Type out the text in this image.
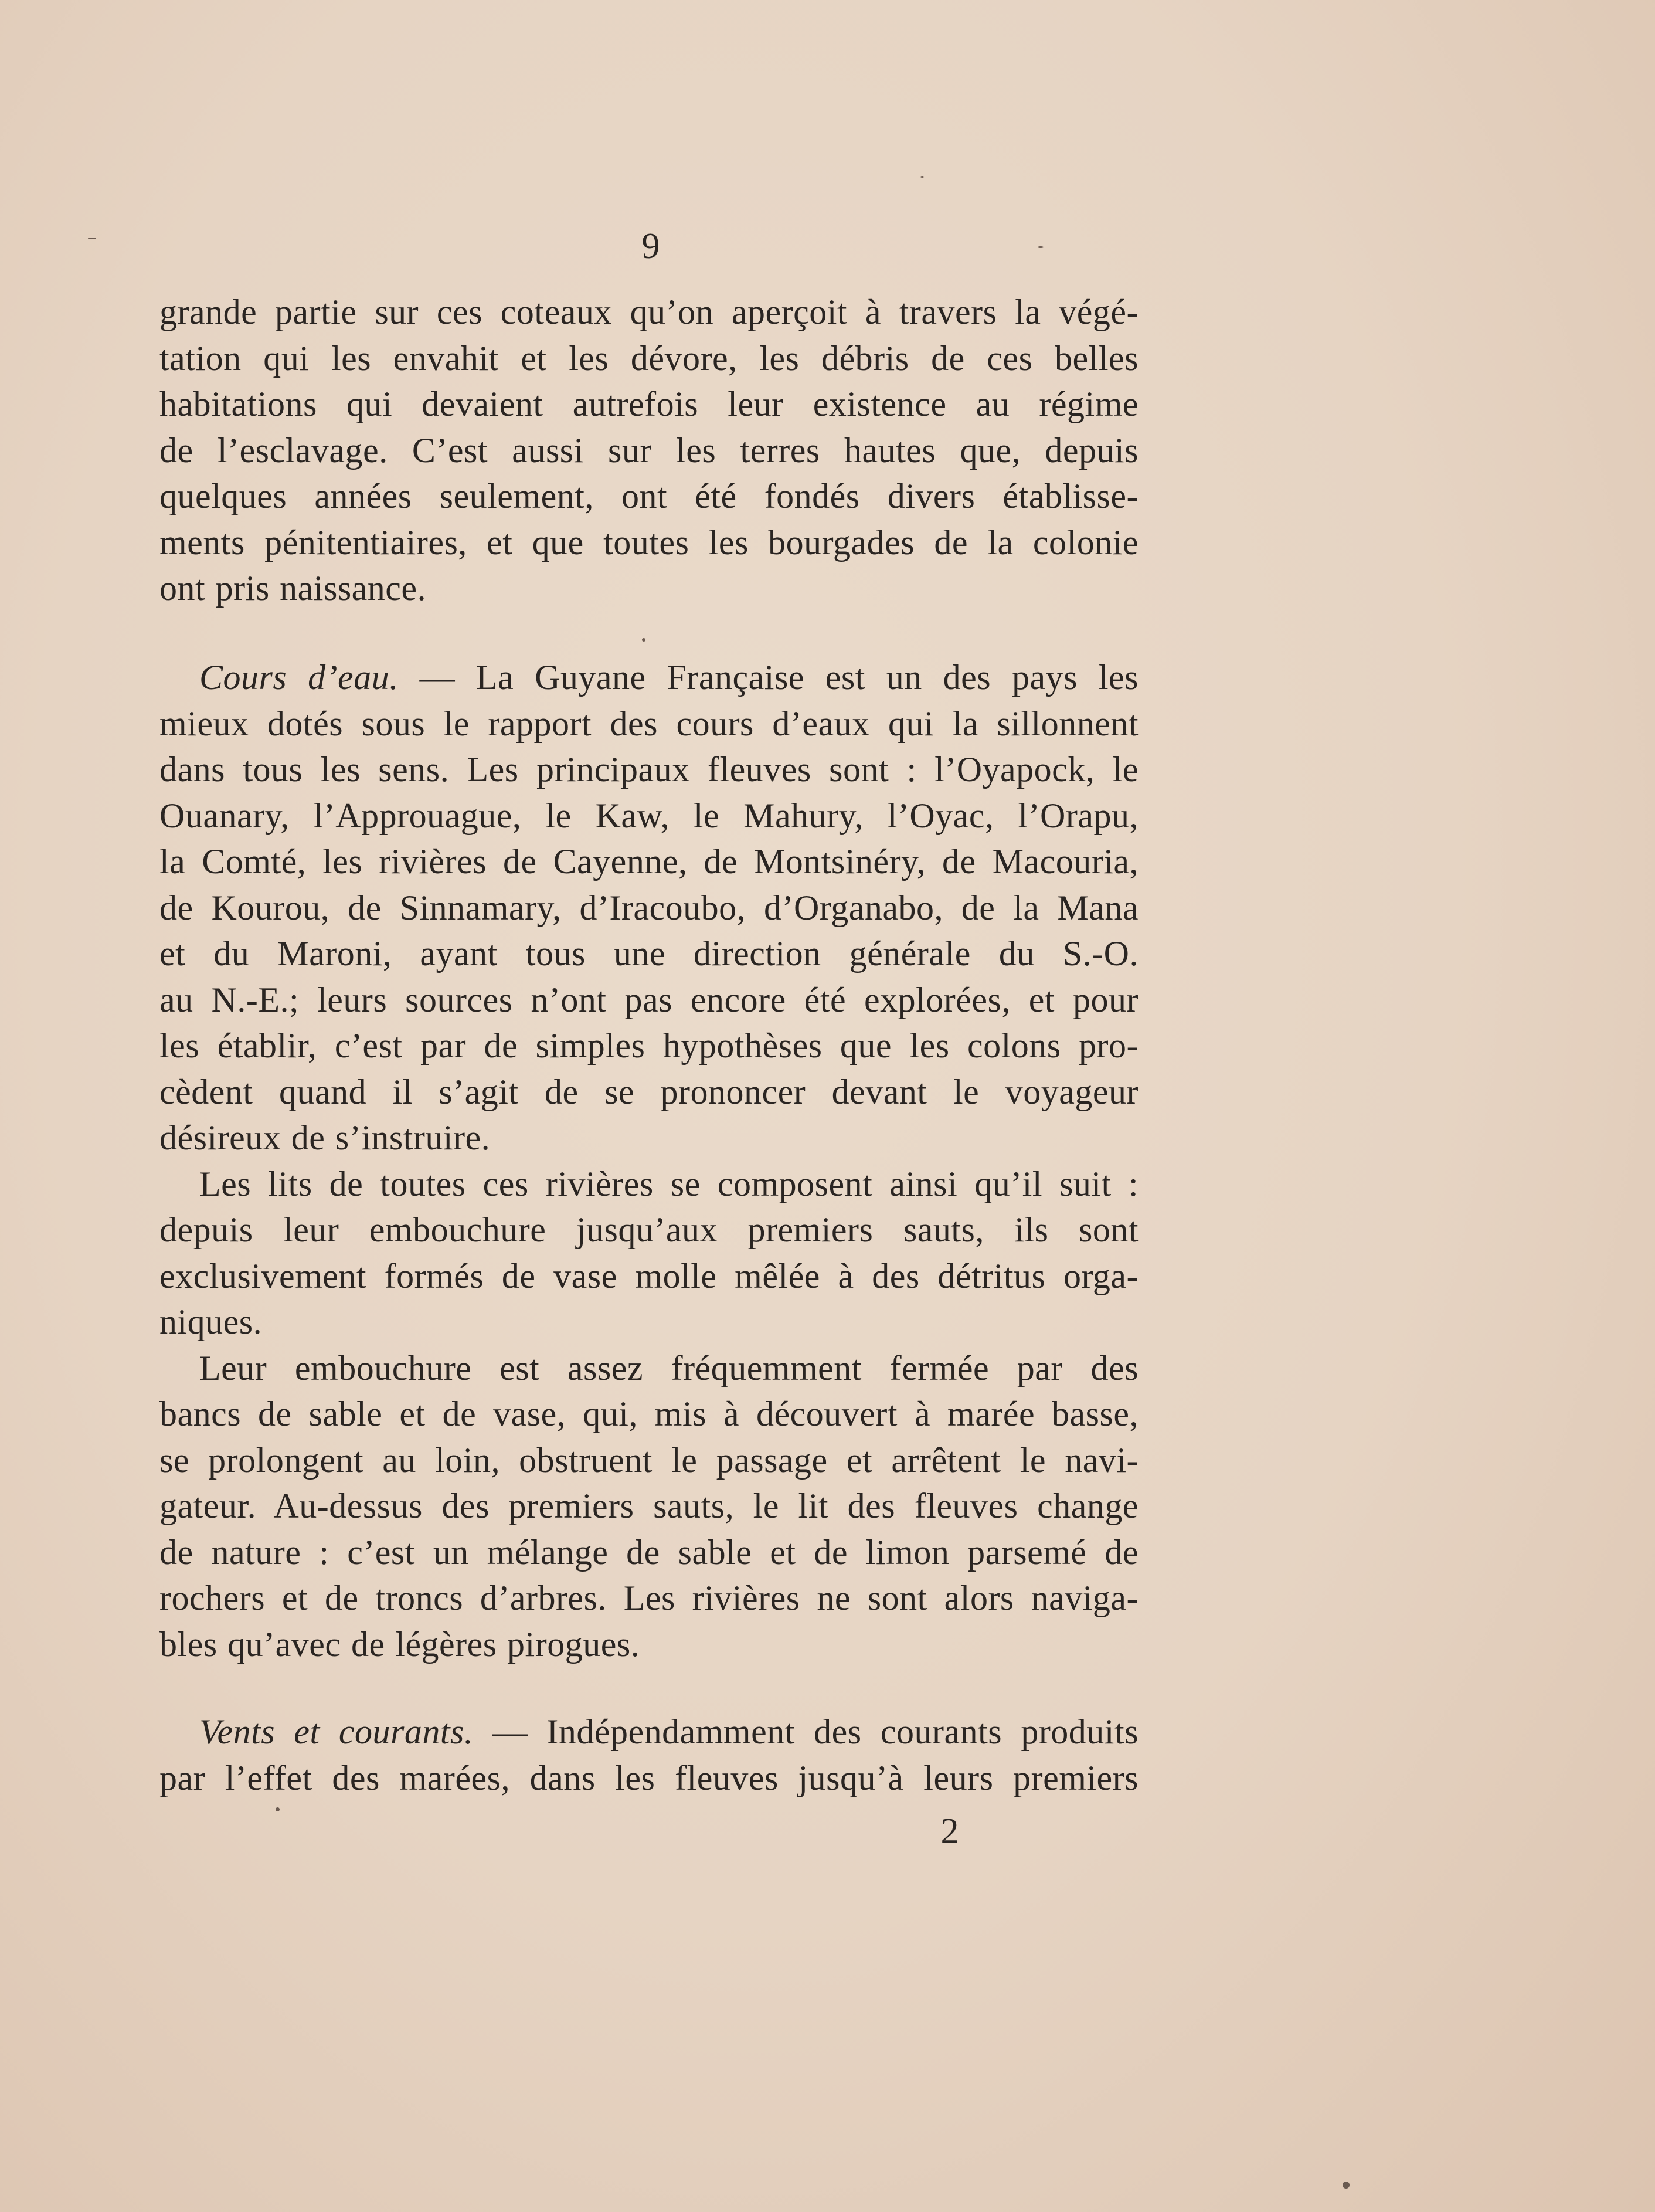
9
grande partie sur ces coteaux qu’on aperçoit à travers la végé-
tation qui les envahit et les dévore, les débris de ces belles
habitations qui devaient autrefois leur existence au régime
de l’esclavage. C’est aussi sur les terres hautes que, depuis
quelques années seulement, ont été fondés divers établisse-
ments pénitentiaires, et que toutes les bourgades de la colonie
ont pris naissance.
Cours d’eau. — La Guyane Française est un des pays les
mieux dotés sous le rapport des cours d’eaux qui la sillonnent
dans tous les sens. Les principaux fleuves sont : l’Oyapock, le
Ouanary, l’Approuague, le Kaw, le Mahury, l’Oyac, l’Orapu,
la Comté, les rivières de Cayenne, de Montsinéry, de Macouria,
de Kourou, de Sinnamary, d’Iracoubo, d’Organabo, de la Mana
et du Maroni, ayant tous une direction générale du S.-O.
au N.-E.; leurs sources n’ont pas encore été explorées, et pour
les établir, c’est par de simples hypothèses que les colons pro-
cèdent quand il s’agit de se prononcer devant le voyageur
désireux de s’instruire.
Les lits de toutes ces rivières se composent ainsi qu’il suit :
depuis leur embouchure jusqu’aux premiers sauts, ils sont
exclusivement formés de vase molle mêlée à des détritus orga-
niques.
Leur embouchure est assez fréquemment fermée par des
bancs de sable et de vase, qui, mis à découvert à marée basse,
se prolongent au loin, obstruent le passage et arrêtent le navi-
gateur. Au-dessus des premiers sauts, le lit des fleuves change
de nature : c’est un mélange de sable et de limon parsemé de
rochers et de troncs d’arbres. Les rivières ne sont alors naviga-
bles qu’avec de légères pirogues.
Vents et courants. — Indépendamment des courants produits
par l’effet des marées, dans les fleuves jusqu’à leurs premiers
2
